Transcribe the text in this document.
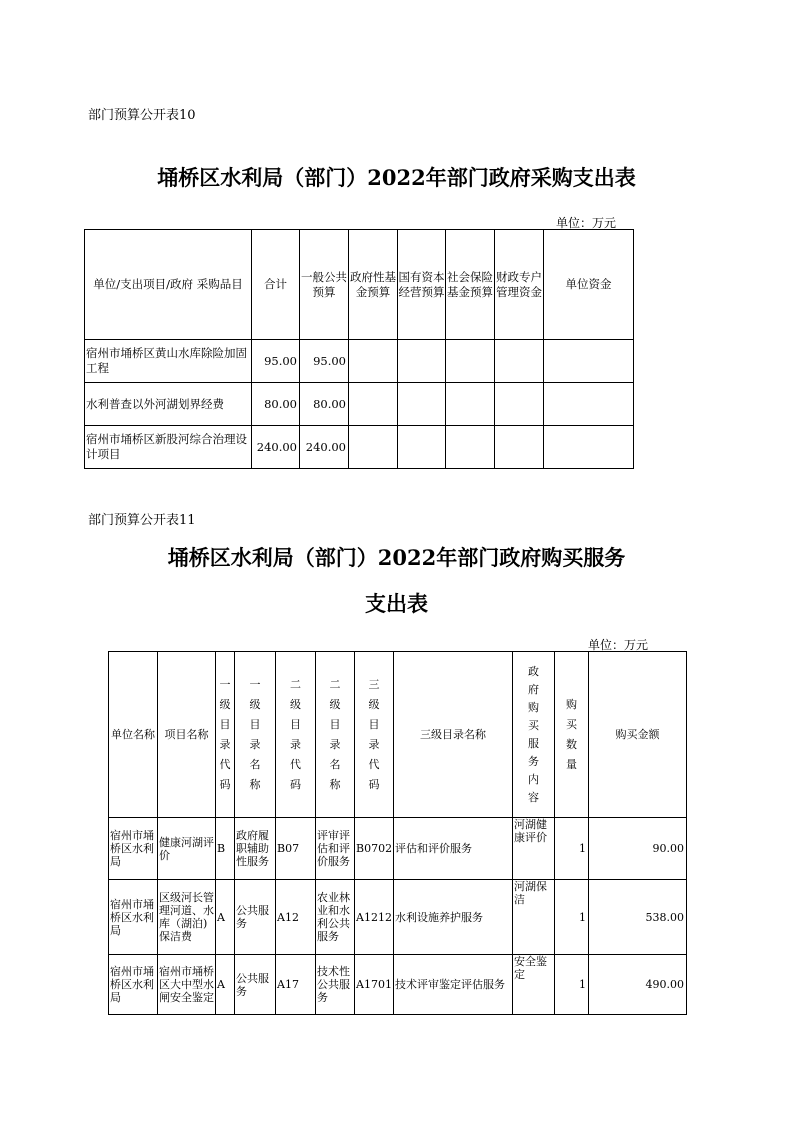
部门预算公开表10
埇桥区水利局（部门）2022年部门政府采购支出表
单位：万元
单位/支出项目/政府 采购品目	合计	一般公共预算	政府性基金预算	国有资本经营预算	社会保险基金预算	财政专户管理资金	单位资金
宿州市埇桥区黄山水库除险加固工程	95.00	95.00					
水利普查以外河湖划界经费	80.00	80.00					
宿州市埇桥区新股河综合治理设计项目	240.00	240.00					
部门预算公开表11
埇桥区水利局（部门）2022年部门政府购买服务
支出表
单位：万元
单位名称	项目名称	一级目录代码	一级目录名称	二级目录代码	二级目录名称	三级目录代码	三级目录名称	政府购买服务内容	购买数量	购买金额
宿州市埇桥区水利局	健康河湖评价	B	政府履职辅助性服务	B07	评审评估和评价服务	B0702	评估和评价服务	河湖健康评价	1	90.00
宿州市埇桥区水利局	区级河长管理河道、水库（湖泊)保洁费	A	公共服务	A12	农业林业和水利公共服务	A1212	水利设施养护服务	河湖保洁	1	538.00
宿州市埇桥区水利局	宿州市埇桥区大中型水闸安全鉴定	A	公共服务	A17	技术性公共服务	A1701	技术评审鉴定评估服务	安全鉴定	1	490.00
